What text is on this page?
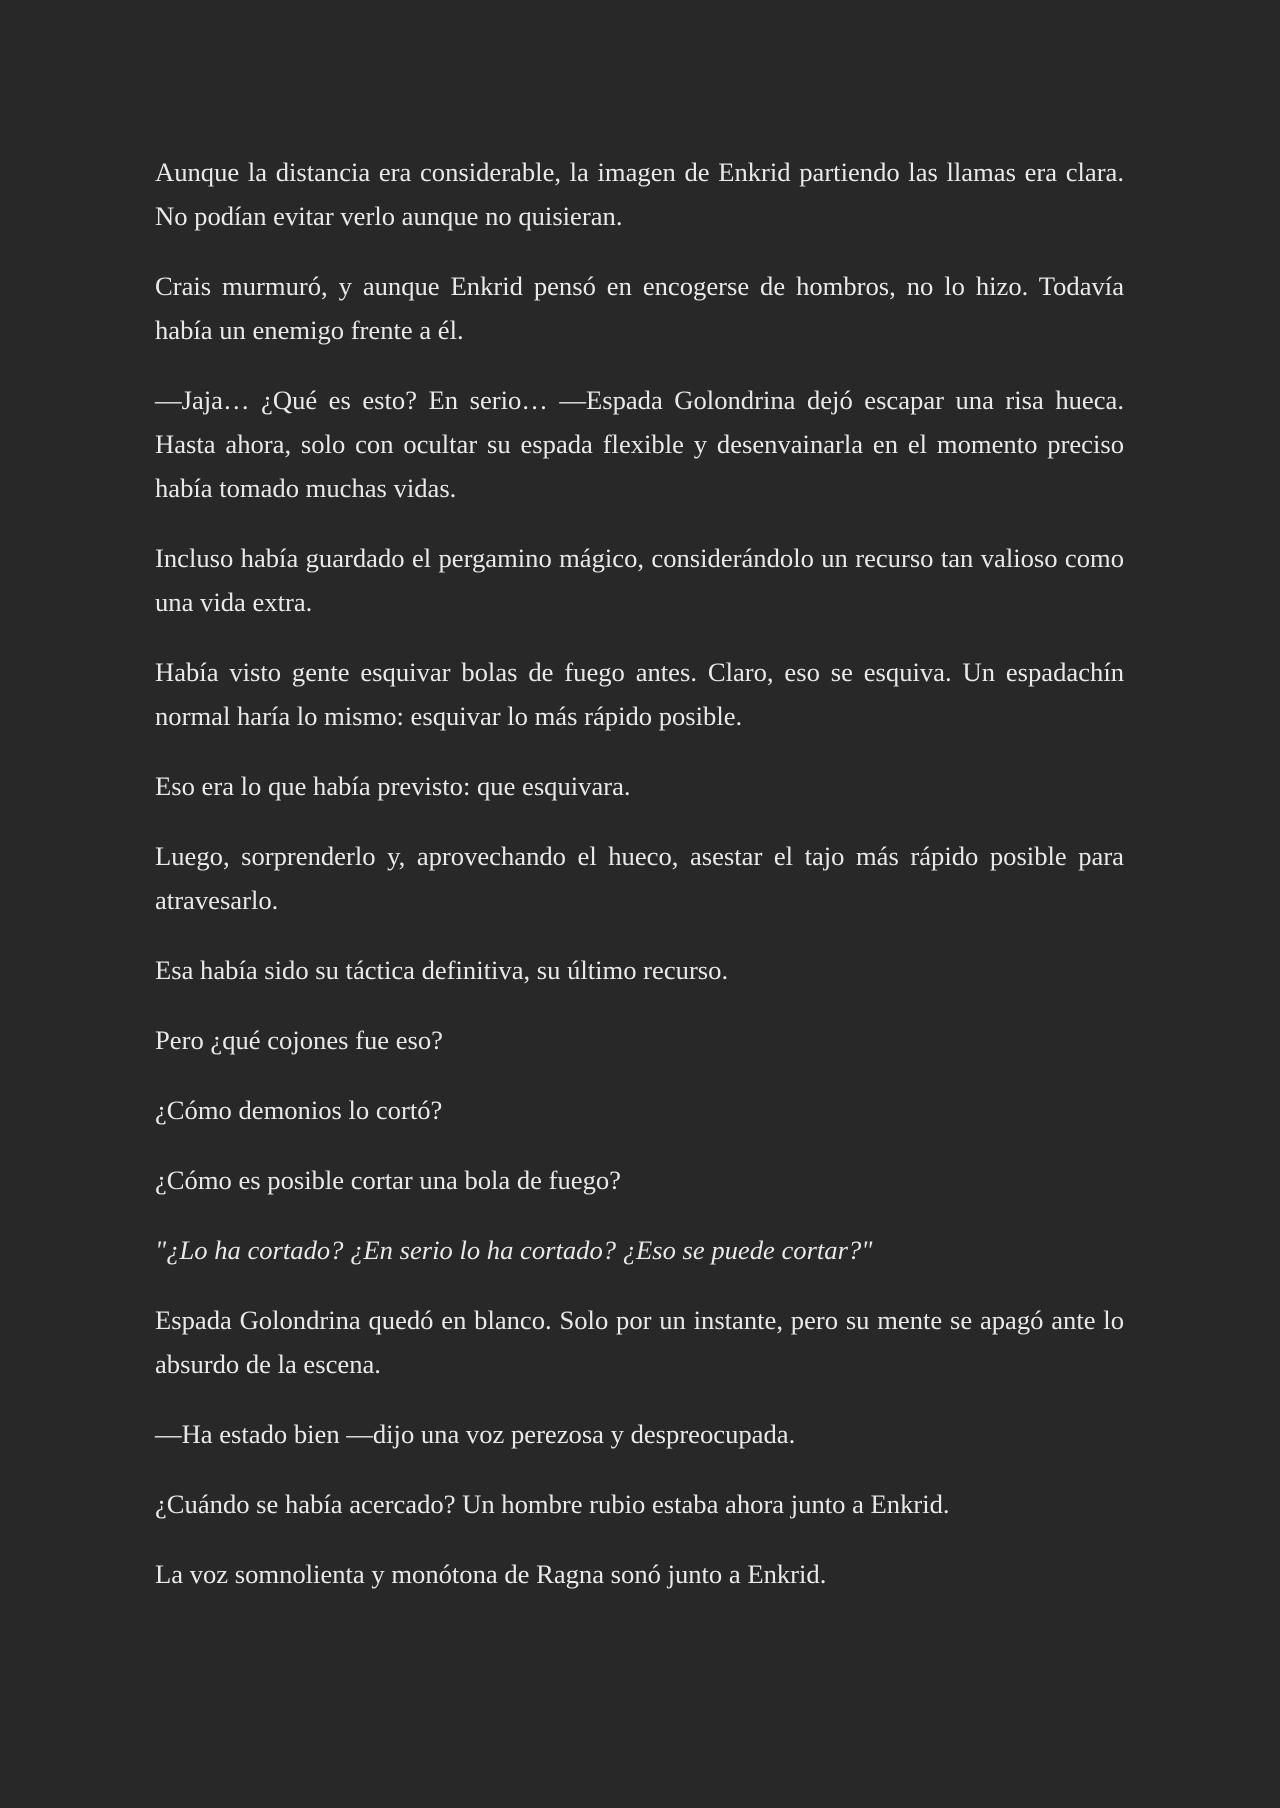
Aunque la distancia era considerable, la imagen de Enkrid partiendo las llamas era clara. No podían evitar verlo aunque no quisieran.

Crais murmuró, y aunque Enkrid pensó en encogerse de hombros, no lo hizo. Todavía había un enemigo frente a él.

—Jaja… ¿Qué es esto? En serio… —Espada Golondrina dejó escapar una risa hueca. Hasta ahora, solo con ocultar su espada flexible y desenvainarla en el momento preciso había tomado muchas vidas.

Incluso había guardado el pergamino mágico, considerándolo un recurso tan valioso como una vida extra.

Había visto gente esquivar bolas de fuego antes. Claro, eso se esquiva. Un espadachín normal haría lo mismo: esquivar lo más rápido posible.

Eso era lo que había previsto: que esquivara.

Luego, sorprenderlo y, aprovechando el hueco, asestar el tajo más rápido posible para atravesarlo.

Esa había sido su táctica definitiva, su último recurso.

Pero ¿qué cojones fue eso?

¿Cómo demonios lo cortó?

¿Cómo es posible cortar una bola de fuego?

"¿Lo ha cortado? ¿En serio lo ha cortado? ¿Eso se puede cortar?"

Espada Golondrina quedó en blanco. Solo por un instante, pero su mente se apagó ante lo absurdo de la escena.

—Ha estado bien —dijo una voz perezosa y despreocupada.

¿Cuándo se había acercado? Un hombre rubio estaba ahora junto a Enkrid.

La voz somnolienta y monótona de Ragna sonó junto a Enkrid.
